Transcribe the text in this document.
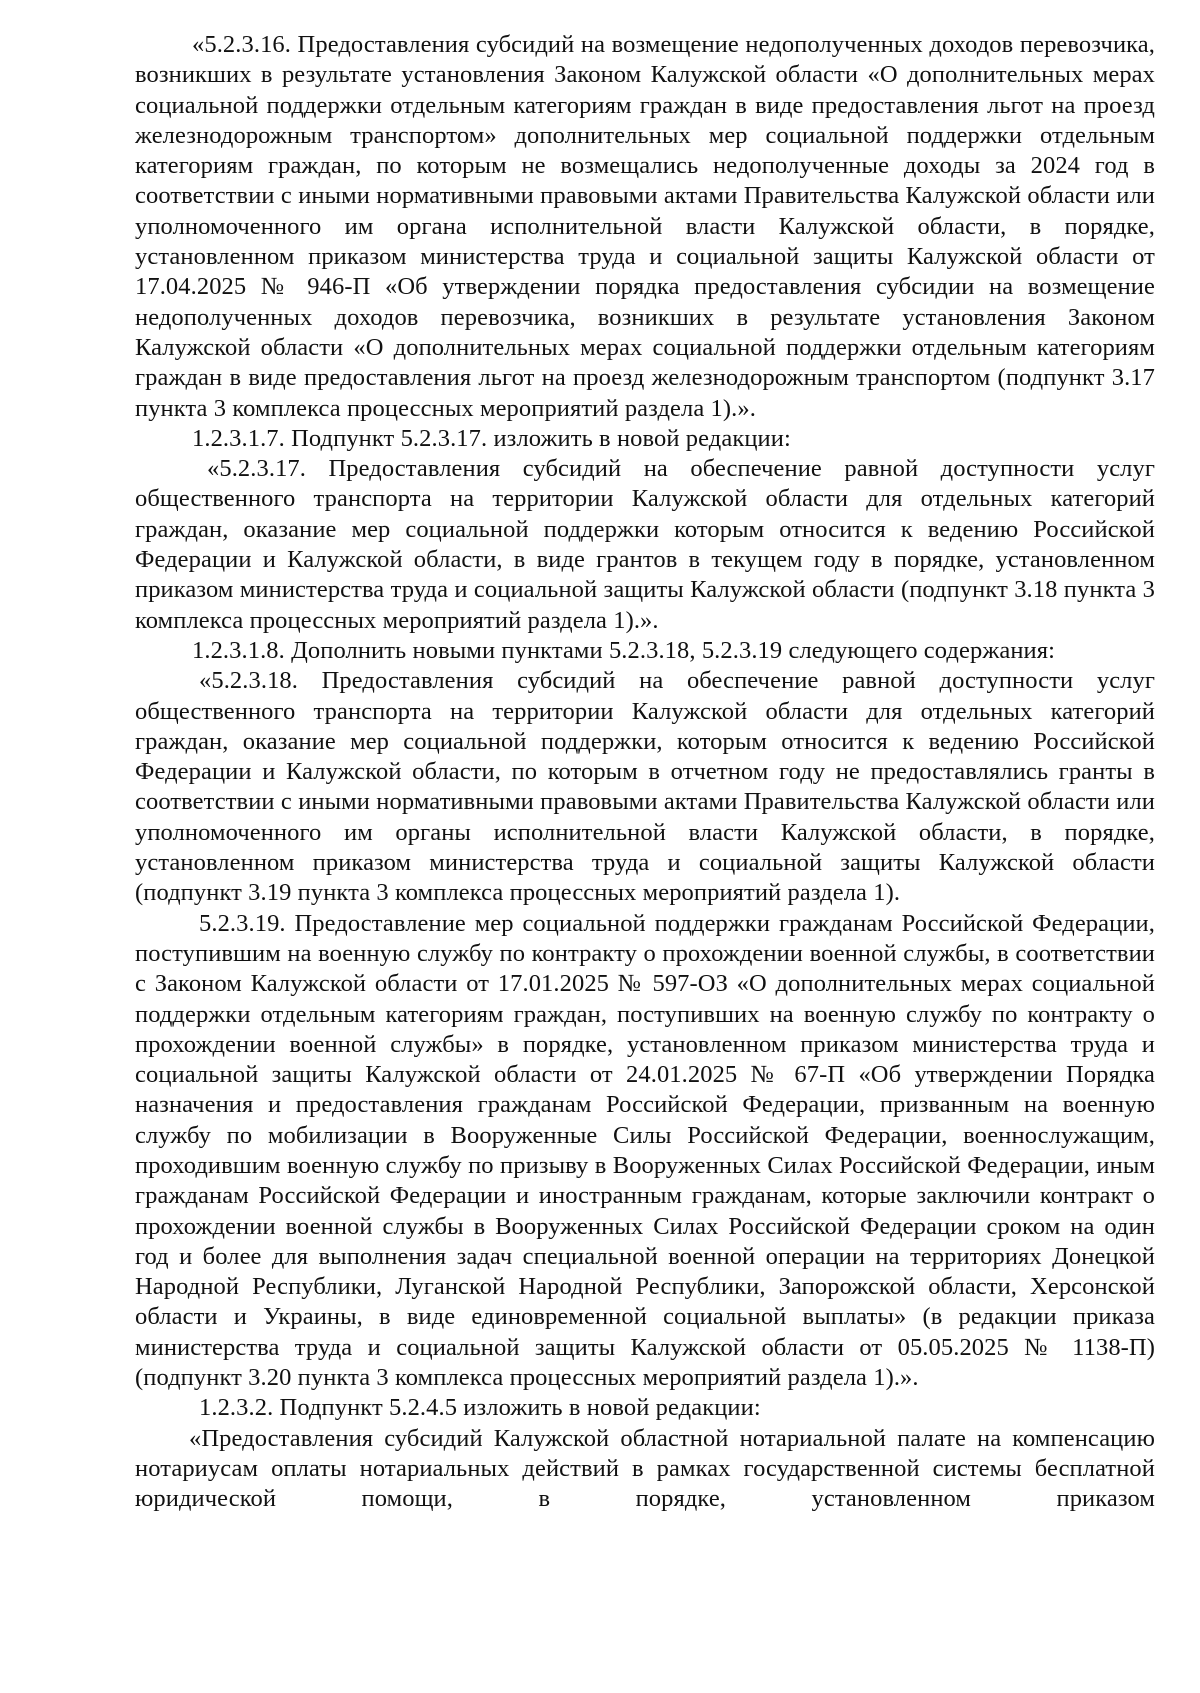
«5.2.3.16. Предоставления субсидий на возмещение недополученных доходов перевозчика, возникших в результате установления Законом Калужской области «О дополнительных мерах социальной поддержки отдельным категориям граждан в виде предоставления льгот на проезд железнодорожным транспортом» дополнительных мер социальной поддержки отдельным категориям граждан, по которым не возмещались недополученные доходы за 2024 год в соответствии с иными нормативными правовыми актами Правительства Калужской области или уполномоченного им органа исполнительной власти Калужской области, в порядке, установленном приказом министерства труда и социальной защиты Калужской области от 17.04.2025 № 946-П «Об утверждении порядка предоставления субсидии на возмещение недополученных доходов перевозчика, возникших в результате установления Законом Калужской области «О дополнительных мерах социальной поддержки отдельным категориям граждан в виде предоставления льгот на проезд железнодорожным транспортом (подпункт 3.17 пункта 3 комплекса процессных мероприятий раздела 1).».

1.2.3.1.7. Подпункт 5.2.3.17. изложить в новой редакции:

«5.2.3.17. Предоставления субсидий на обеспечение равной доступности услуг общественного транспорта на территории Калужской области для отдельных категорий граждан, оказание мер социальной поддержки которым относится к ведению Российской Федерации и Калужской области, в виде грантов в текущем году в порядке, установленном приказом министерства труда и социальной защиты Калужской области (подпункт 3.18 пункта 3 комплекса процессных мероприятий раздела 1).».

1.2.3.1.8. Дополнить новыми пунктами 5.2.3.18, 5.2.3.19 следующего содержания:

«5.2.3.18. Предоставления субсидий на обеспечение равной доступности услуг общественного транспорта на территории Калужской области для отдельных категорий граждан, оказание мер социальной поддержки, которым относится к ведению Российской Федерации и Калужской области, по которым в отчетном году не предоставлялись гранты в соответствии с иными нормативными правовыми актами Правительства Калужской области или уполномоченного им органы исполнительной власти Калужской области, в порядке, установленном приказом министерства труда и социальной защиты Калужской области (подпункт 3.19 пункта 3 комплекса процессных мероприятий раздела 1).

5.2.3.19. Предоставление мер социальной поддержки гражданам Российской Федерации, поступившим на военную службу по контракту о прохождении военной службы, в соответствии с Законом Калужской области от 17.01.2025 № 597-ОЗ «О дополнительных мерах социальной поддержки отдельным категориям граждан, поступивших на военную службу по контракту о прохождении военной службы» в порядке, установленном приказом министерства труда и социальной защиты Калужской области от 24.01.2025 № 67-П «Об утверждении Порядка назначения и предоставления гражданам Российской Федерации, призванным на военную службу по мобилизации в Вооруженные Силы Российской Федерации, военнослужащим, проходившим военную службу по призыву в Вооруженных Силах Российской Федерации, иным гражданам Российской Федерации и иностранным гражданам, которые заключили контракт о прохождении военной службы в Вооруженных Силах Российской Федерации сроком на один год и более для выполнения задач специальной военной операции на территориях Донецкой Народной Республики, Луганской Народной Республики, Запорожской области, Херсонской области и Украины, в виде единовременной социальной выплаты» (в редакции приказа министерства труда и социальной защиты Калужской области от 05.05.2025 № 1138-П) (подпункт 3.20 пункта 3 комплекса процессных мероприятий раздела 1).».

1.2.3.2. Подпункт 5.2.4.5 изложить в новой редакции:

«Предоставления субсидий Калужской областной нотариальной палате на компенсацию нотариусам оплаты нотариальных действий в рамках государственной системы бесплатной юридической помощи, в порядке, установленном приказом
